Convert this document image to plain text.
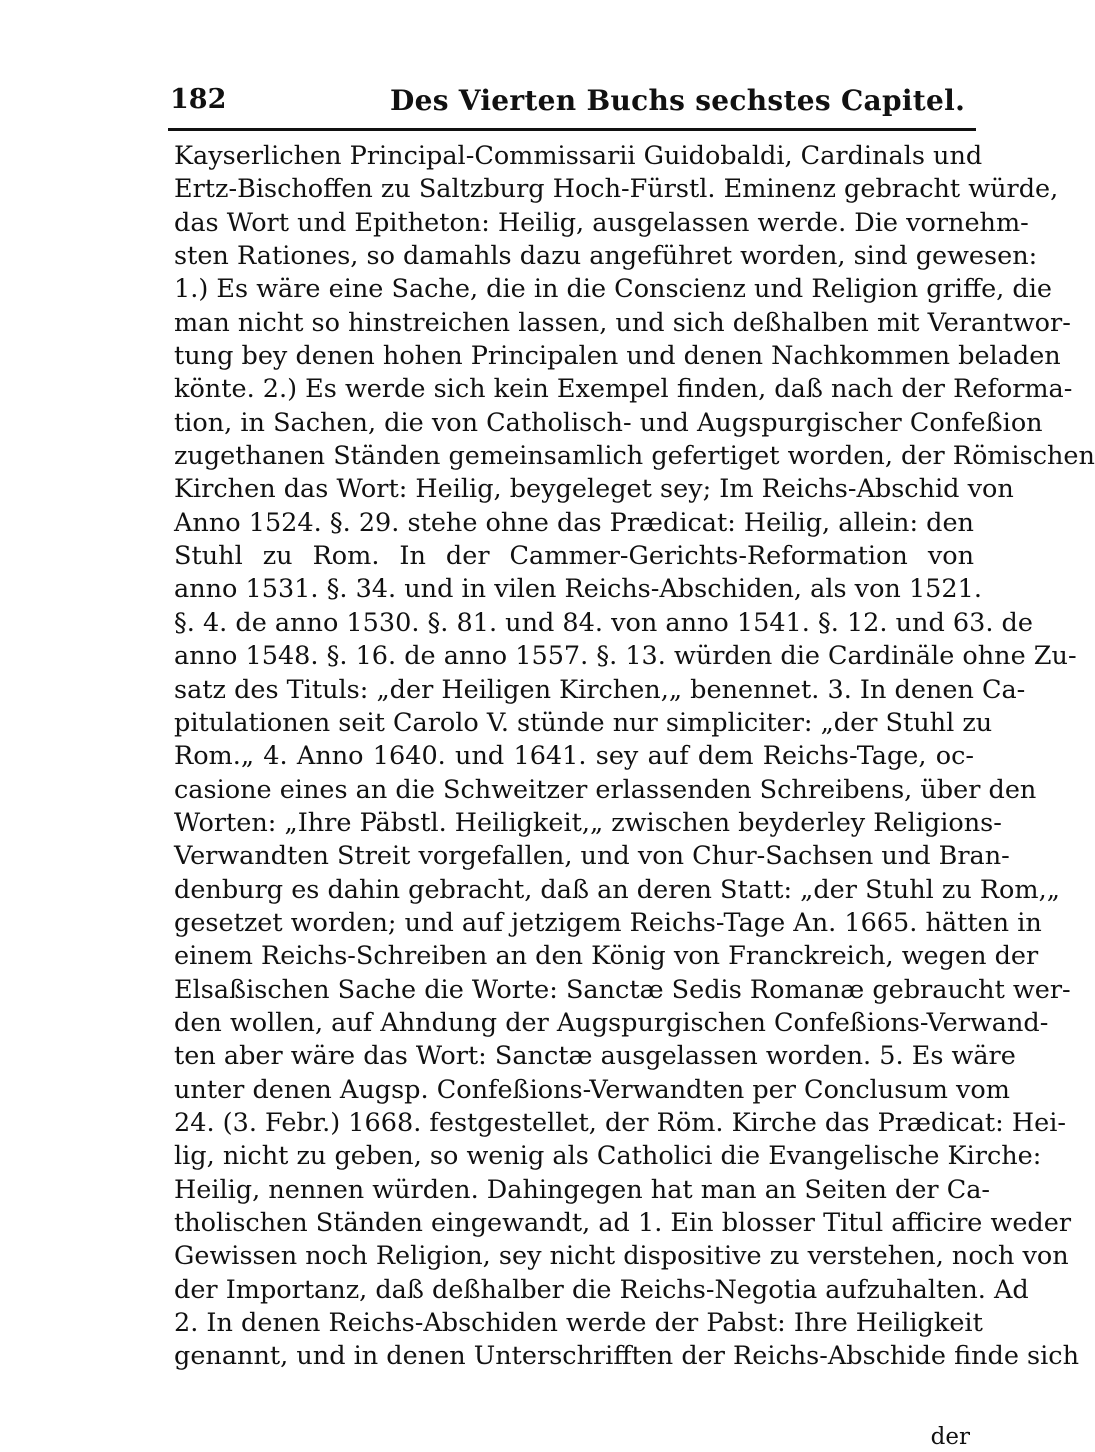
182	Des Vierten Buchs sechstes Capitel.
Kayserlichen Principal-Commissarii Guidobaldi, Cardinals und
Ertz-Bischoffen zu Saltzburg Hoch-Fürstl. Eminenz gebracht würde,
das Wort und Epitheton: Heilig, ausgelassen werde. Die vornehm-
sten Rationes, so damahls dazu angeführet worden, sind gewesen:
1.) Es wäre eine Sache, die in die Conscienz und Religion griffe, die
man nicht so hinstreichen lassen, und sich deßhalben mit Verantwor-
tung bey denen hohen Principalen und denen Nachkommen beladen
könte. 2.) Es werde sich kein Exempel finden, daß nach der Reforma-
tion, in Sachen, die von Catholisch- und Augspurgischer Confeßion
zugethanen Ständen gemeinsamlich gefertiget worden, der Römischen
Kirchen das Wort: Heilig, beygeleget sey; Im Reichs-Abschid von
Anno 1524. §. 29. stehe ohne das Prædicat: Heilig, allein: den
Stuhl zu Rom. In der Cammer-Gerichts-Reformation von
anno 1531. §. 34. und in vilen Reichs-Abschiden, als von 1521.
§. 4. de anno 1530. §. 81. und 84. von anno 1541. §. 12. und 63. de
anno 1548. §. 16. de anno 1557. §. 13. würden die Cardinäle ohne Zu-
satz des Tituls: „der Heiligen Kirchen,„ benennet. 3. In denen Ca-
pitulationen seit Carolo V. stünde nur simpliciter: „der Stuhl zu
Rom.„ 4. Anno 1640. und 1641. sey auf dem Reichs-Tage, oc-
casione eines an die Schweitzer erlassenden Schreibens, über den
Worten: „Ihre Päbstl. Heiligkeit,„ zwischen beyderley Religions-
Verwandten Streit vorgefallen, und von Chur-Sachsen und Bran-
denburg es dahin gebracht, daß an deren Statt: „der Stuhl zu Rom,„
gesetzet worden; und auf jetzigem Reichs-Tage An. 1665. hätten in
einem Reichs-Schreiben an den König von Franckreich, wegen der
Elsaßischen Sache die Worte: Sanctæ Sedis Romanæ gebraucht wer-
den wollen, auf Ahndung der Augspurgischen Confeßions-Verwand-
ten aber wäre das Wort: Sanctæ ausgelassen worden. 5. Es wäre
unter denen Augsp. Confeßions-Verwandten per Conclusum vom
24. (3. Febr.) 1668. festgestellet, der Röm. Kirche das Prædicat: Hei-
lig, nicht zu geben, so wenig als Catholici die Evangelische Kirche:
Heilig, nennen würden. Dahingegen hat man an Seiten der Ca-
tholischen Ständen eingewandt, ad 1. Ein blosser Titul afficire weder
Gewissen noch Religion, sey nicht dispositive zu verstehen, noch von
der Importanz, daß deßhalber die Reichs-Negotia aufzuhalten. Ad
2. In denen Reichs-Abschiden werde der Pabst: Ihre Heiligkeit
genannt, und in denen Unterschrifften der Reichs-Abschide finde sich
der
